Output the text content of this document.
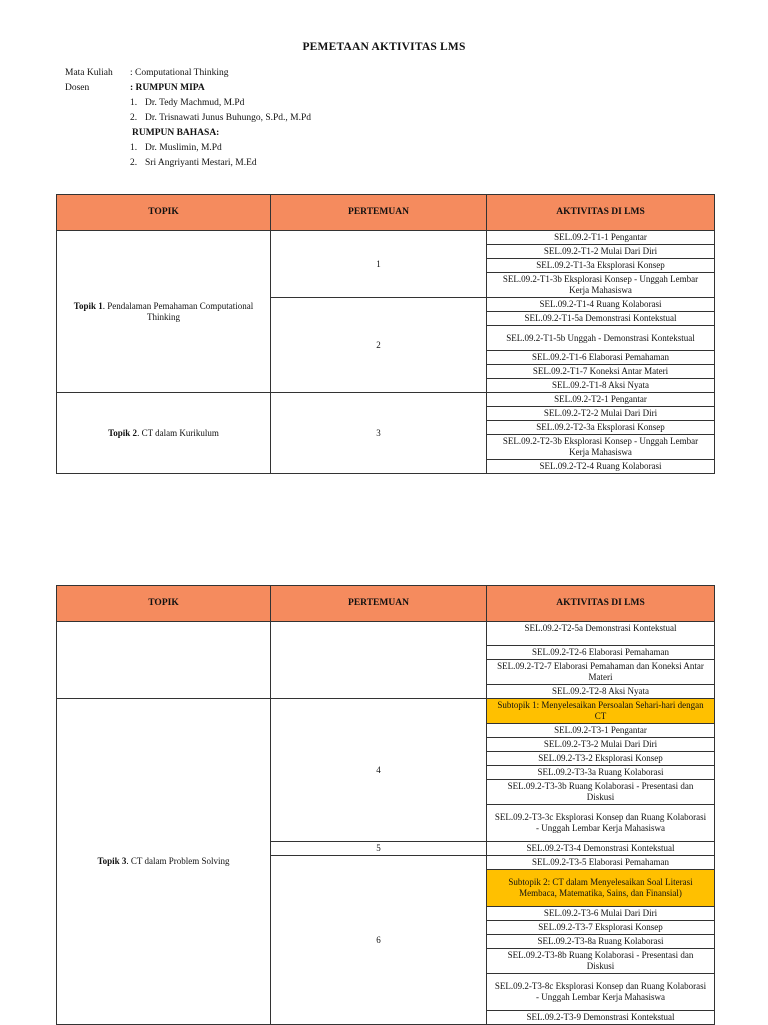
PEMETAAN AKTIVITAS LMS
Mata Kuliah	: Computational Thinking
Dosen	: RUMPUN MIPA
1. Dr. Tedy Machmud, M.Pd
2. Dr. Trisnawati Junus Buhungo, S.Pd., M.Pd
RUMPUN BAHASA:
1. Dr. Muslimin, M.Pd
2. Sri Angriyanti Mestari, M.Ed
TOPIK	PERTEMUAN	AKTIVITAS DI LMS
Topik 1. Pendalaman Pemahaman Computational Thinking	1	SEL.09.2-T1-1 Pengantar
		SEL.09.2-T1-2 Mulai Dari Diri
		SEL.09.2-T1-3a Eksplorasi Konsep
		SEL.09.2-T1-3b Eksplorasi Konsep - Unggah Lembar Kerja Mahasiswa
	2	SEL.09.2-T1-4 Ruang Kolaborasi
		SEL.09.2-T1-5a Demonstrasi Kontekstual
		SEL.09.2-T1-5b Unggah - Demonstrasi Kontekstual
		SEL.09.2-T1-6 Elaborasi Pemahaman
		SEL.09.2-T1-7 Koneksi Antar Materi
		SEL.09.2-T1-8 Aksi Nyata
Topik 2. CT dalam Kurikulum	3	SEL.09.2-T2-1 Pengantar
		SEL.09.2-T2-2 Mulai Dari Diri
		SEL.09.2-T2-3a Eksplorasi Konsep
		SEL.09.2-T2-3b Eksplorasi Konsep - Unggah Lembar Kerja Mahasiswa
		SEL.09.2-T2-4 Ruang Kolaborasi
TOPIK	PERTEMUAN	AKTIVITAS DI LMS
		SEL.09.2-T2-5a Demonstrasi Kontekstual
		SEL.09.2-T2-6 Elaborasi Pemahaman
		SEL.09.2-T2-7 Elaborasi Pemahaman dan Koneksi Antar Materi
		SEL.09.2-T2-8 Aksi Nyata
Topik 3. CT dalam Problem Solving	4	Subtopik 1: Menyelesaikan Persoalan Sehari-hari dengan CT
		SEL.09.2-T3-1 Pengantar
		SEL.09.2-T3-2 Mulai Dari Diri
		SEL.09.2-T3-2 Eksplorasi Konsep
		SEL.09.2-T3-3a Ruang Kolaborasi
		SEL.09.2-T3-3b Ruang Kolaborasi - Presentasi dan Diskusi
		SEL.09.2-T3-3c Eksplorasi Konsep dan Ruang Kolaborasi - Unggah Lembar Kerja Mahasiswa
	5	SEL.09.2-T3-4 Demonstrasi Kontekstual
	6	SEL.09.2-T3-5 Elaborasi Pemahaman
		Subtopik 2: CT dalam Menyelesaikan Soal Literasi Membaca, Matematika, Sains, dan Finansial)
		SEL.09.2-T3-6 Mulai Dari Diri
		SEL.09.2-T3-7 Eksplorasi Konsep
		SEL.09.2-T3-8a Ruang Kolaborasi
		SEL.09.2-T3-8b Ruang Kolaborasi - Presentasi dan Diskusi
		SEL.09.2-T3-8c Eksplorasi Konsep dan Ruang Kolaborasi - Unggah Lembar Kerja Mahasiswa
		SEL.09.2-T3-9 Demonstrasi Kontekstual
